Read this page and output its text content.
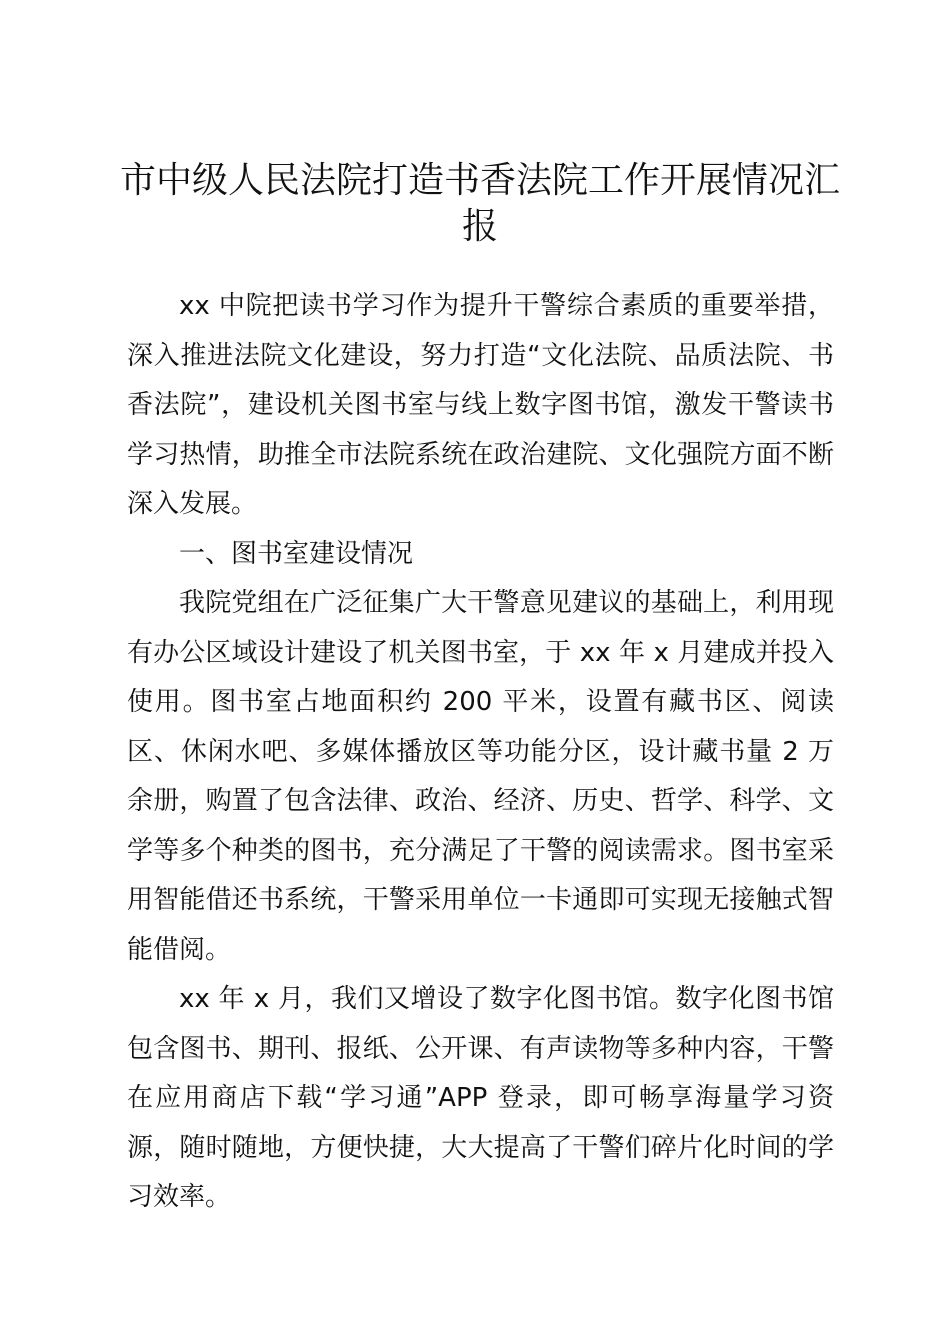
市中级人民法院打造书香法院工作开展情况汇报

xx 中院把读书学习作为提升干警综合素质的重要举措，深入推进法院文化建设，努力打造“文化法院、品质法院、书香法院”，建设机关图书室与线上数字图书馆，激发干警读书学习热情，助推全市法院系统在政治建院、文化强院方面不断深入发展。

一、图书室建设情况

我院党组在广泛征集广大干警意见建议的基础上，利用现有办公区域设计建设了机关图书室，于 xx 年 x 月建成并投入使用。图书室占地面积约 200 平米，设置有藏书区、阅读区、休闲水吧、多媒体播放区等功能分区，设计藏书量 2 万余册，购置了包含法律、政治、经济、历史、哲学、科学、文学等多个种类的图书，充分满足了干警的阅读需求。图书室采用智能借还书系统，干警采用单位一卡通即可实现无接触式智能借阅。

xx 年 x 月，我们又增设了数字化图书馆。数字化图书馆包含图书、期刊、报纸、公开课、有声读物等多种内容，干警在应用商店下载“学习通”APP 登录，即可畅享海量学习资源，随时随地，方便快捷，大大提高了干警们碎片化时间的学习效率。
